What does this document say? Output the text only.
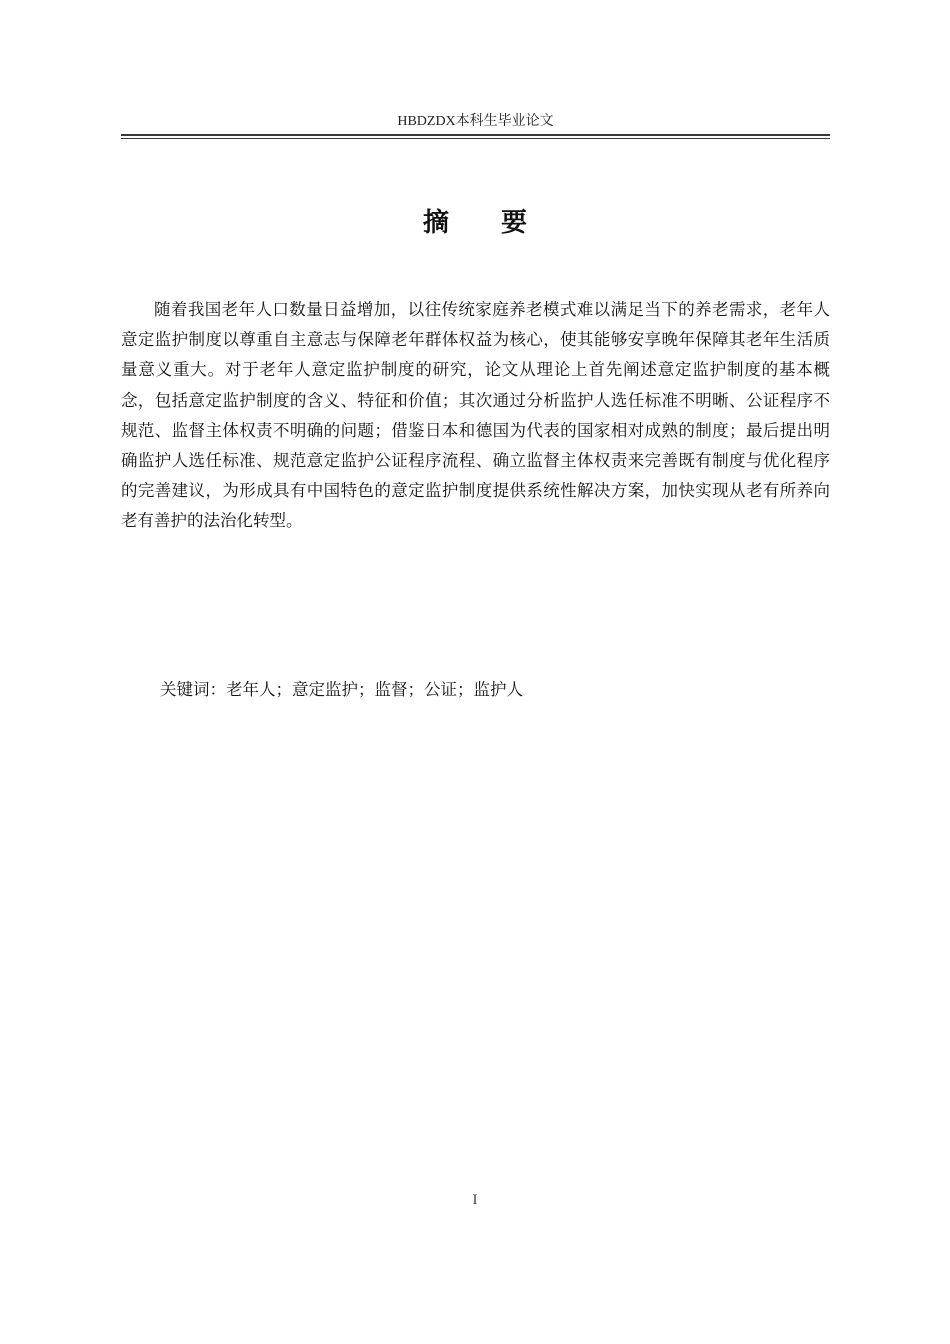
HBDZDX本科生毕业论文
摘 要

随着我国老年人口数量日益增加，以往传统家庭养老模式难以满足当下的养老需求，老年人意定监护制度以尊重自主意志与保障老年群体权益为核心，使其能够安享晚年保障其老年生活质量意义重大。对于老年人意定监护制度的研究，论文从理论上首先阐述意定监护制度的基本概念，包括意定监护制度的含义、特征和价值；其次通过分析监护人选任标准不明晰、公证程序不规范、监督主体权责不明确的问题；借鉴日本和德国为代表的国家相对成熟的制度；最后提出明确监护人选任标准、规范意定监护公证程序流程、确立监督主体权责来完善既有制度与优化程序的完善建议，为形成具有中国特色的意定监护制度提供系统性解决方案，加快实现从老有所养向老有善护的法治化转型。

关键词：老年人；意定监护；监督；公证；监护人
I
